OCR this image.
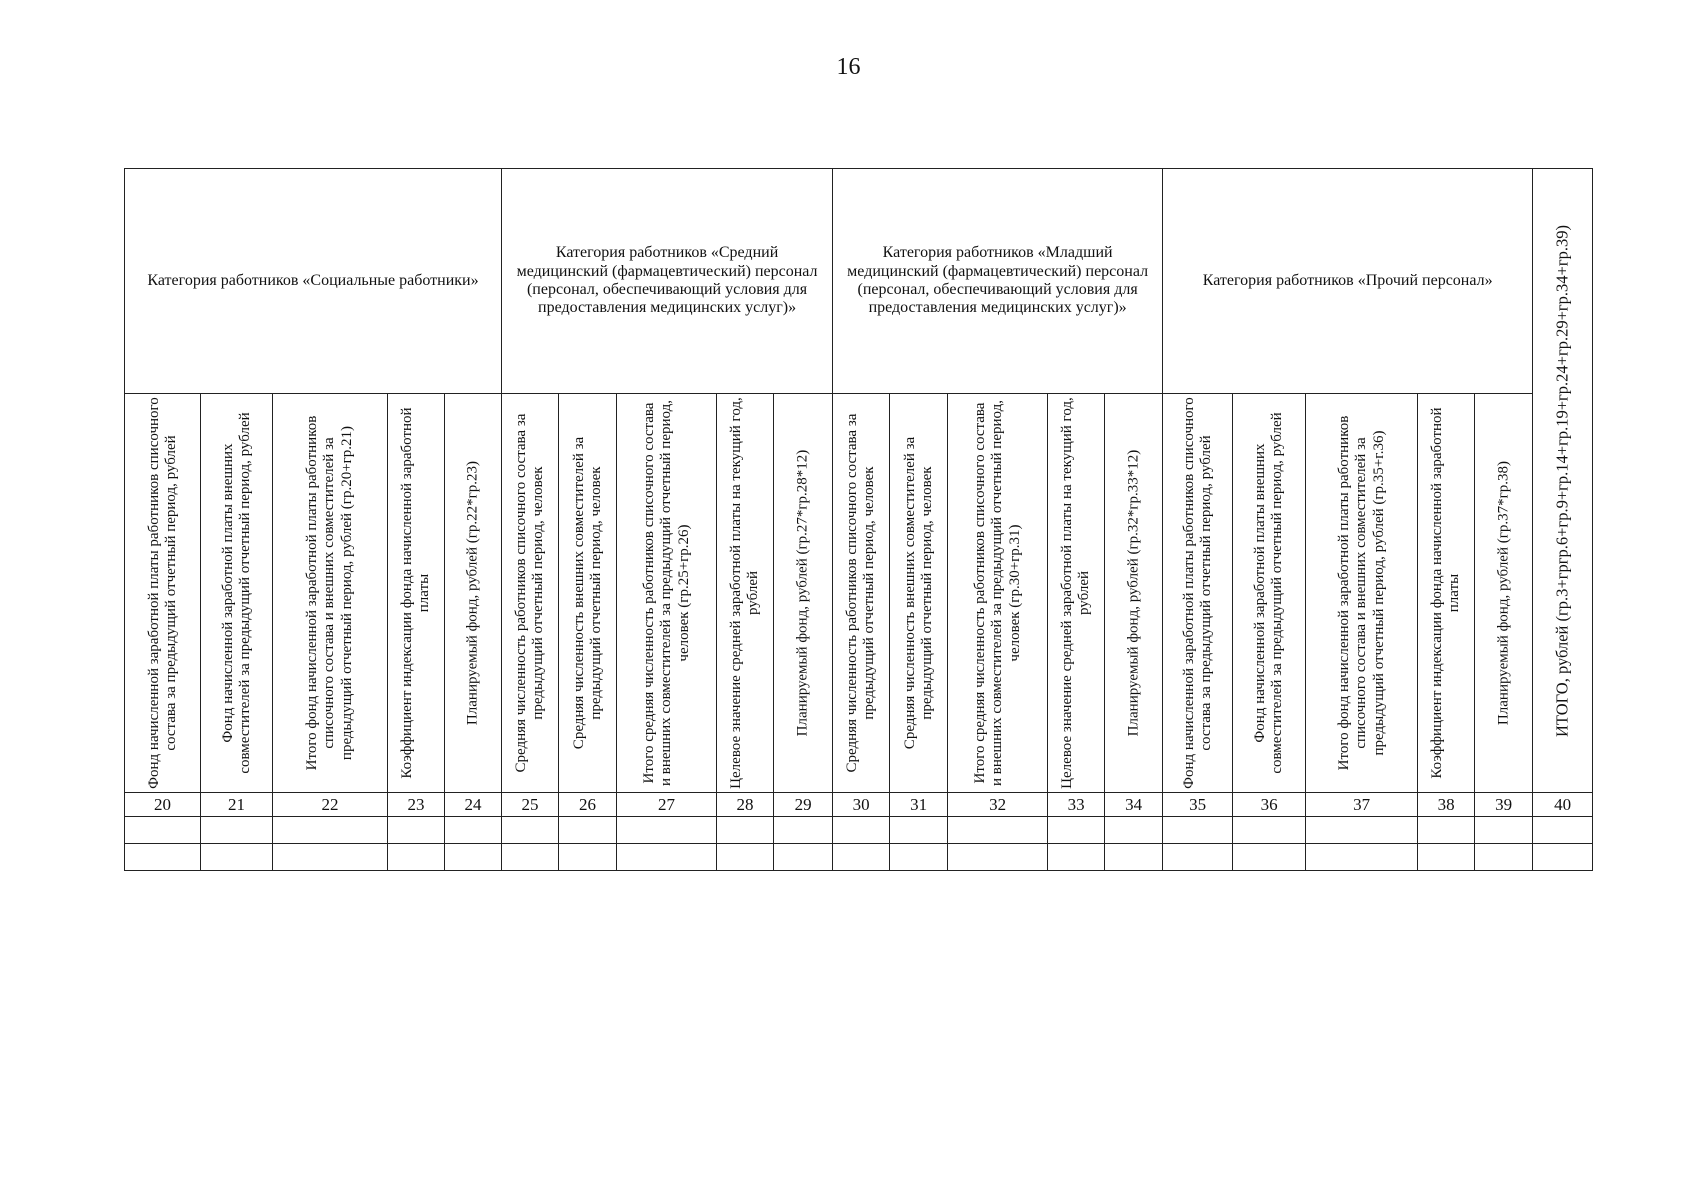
16
Категория работников «Социальные работники»					Категория работников «Средний медицинский (фармацевтический) персонал (персонал, обеспечивающий условия для предоставления медицинских услуг)»					Категория работников «Младший медицинский (фармацевтический) персонал (персонал, обеспечивающий условия для предоставления медицинских услуг)»					Категория работников «Прочий персонал»					ИТОГО, рублей (гр.3+гргр.6+гр.9+гр.14+гр.19+гр.24+гр.29+гр.34+гр.39)

Фонд начисленной заработной платы работников списочного состава за предыдущий отчетный период, рублей	Фонд начисленной заработной платы внешних совместителей за предыдущий отчетный период, рублей	Итого фонд начисленной заработной платы работников списочного состава и внешних совместителей за предыдущий отчетный период, рублей (гр.20+гр.21)	Коэффициент индексации фонда начисленной заработной платы	Планируемый фонд, рублей (гр.22*гр.23)	Средняя численность работников списочного состава за предыдущий отчетный период, человек	Средняя численность внешних совместителей за предыдущий отчетный период, человек	Итого средняя численность работников списочного состава и внешних совместителей за предыдущий отчетный период, человек (гр.25+гр.26)	Целевое значение средней заработной платы на текущий год, рублей	Планируемый фонд, рублей (гр.27*гр.28*12)	Средняя численность работников списочного состава за предыдущий отчетный период, человек	Средняя численность внешних совместителей за предыдущий отчетный период, человек	Итого средняя численность работников списочного состава и внешних совместителей за предыдущий отчетный период, человек (гр.30+гр.31)	Целевое значение средней заработной платы на текущий год, рублей	Планируемый фонд, рублей (гр.32*гр.33*12)	Фонд начисленной заработной платы работников списочного состава за предыдущий отчетный период, рублей	Фонд начисленной заработной платы внешних совместителей за предыдущий отчетный период, рублей	Итого фонд начисленной заработной платы работников списочного состава и внешних совместителей за предыдущий отчетный период, рублей (гр.35+г.36)	Коэффициент индексации фонда начисленной заработной платы	Планируемый фонд, рублей (гр.37*гр.38)	

20	21	22	23	24	25	26	27	28	29	30	31	32	33	34	35	36	37	38	39	40
